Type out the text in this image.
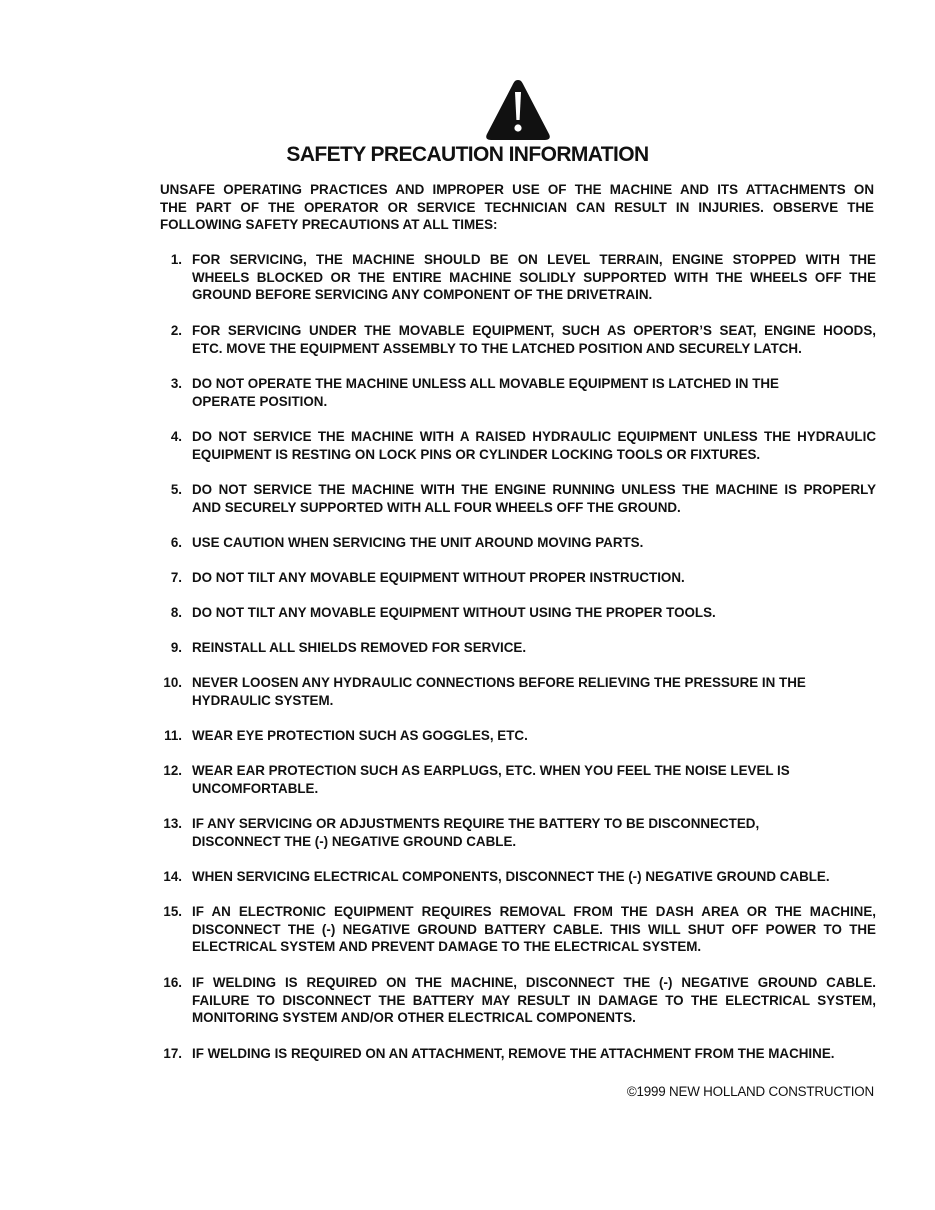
SAFETY PRECAUTION INFORMATION
UNSAFE OPERATING PRACTICES AND IMPROPER USE OF THE MACHINE AND ITS ATTACHMENTS ON
THE PART OF THE OPERATOR OR SERVICE TECHNICIAN CAN RESULT IN INJURIES. OBSERVE THE
FOLLOWING SAFETY PRECAUTIONS AT ALL TIMES:
1. FOR SERVICING, THE MACHINE SHOULD BE ON LEVEL TERRAIN, ENGINE STOPPED WITH THE
WHEELS BLOCKED OR THE ENTIRE MACHINE SOLIDLY SUPPORTED WITH THE WHEELS OFF THE
GROUND BEFORE SERVICING ANY COMPONENT OF THE DRIVETRAIN.
2. FOR SERVICING UNDER THE MOVABLE EQUIPMENT, SUCH AS OPERTOR’S SEAT, ENGINE HOODS,
ETC. MOVE THE EQUIPMENT ASSEMBLY TO THE LATCHED POSITION AND SECURELY LATCH.
3. DO NOT OPERATE THE MACHINE UNLESS ALL MOVABLE EQUIPMENT IS LATCHED IN THE
OPERATE POSITION.
4. DO NOT SERVICE THE MACHINE WITH A RAISED HYDRAULIC EQUIPMENT UNLESS THE HYDRAULIC
EQUIPMENT IS RESTING ON LOCK PINS OR CYLINDER LOCKING TOOLS OR FIXTURES.
5. DO NOT SERVICE THE MACHINE WITH THE ENGINE RUNNING UNLESS THE MACHINE IS PROPERLY
AND SECURELY SUPPORTED WITH ALL FOUR WHEELS OFF THE GROUND.
6. USE CAUTION WHEN SERVICING THE UNIT AROUND MOVING PARTS.
7. DO NOT TILT ANY MOVABLE EQUIPMENT WITHOUT PROPER INSTRUCTION.
8. DO NOT TILT ANY MOVABLE EQUIPMENT WITHOUT USING THE PROPER TOOLS.
9. REINSTALL ALL SHIELDS REMOVED FOR SERVICE.
10. NEVER LOOSEN ANY HYDRAULIC CONNECTIONS BEFORE RELIEVING THE PRESSURE IN THE
HYDRAULIC SYSTEM.
11. WEAR EYE PROTECTION SUCH AS GOGGLES, ETC.
12. WEAR EAR PROTECTION SUCH AS EARPLUGS, ETC. WHEN YOU FEEL THE NOISE LEVEL IS
UNCOMFORTABLE.
13. IF ANY SERVICING OR ADJUSTMENTS REQUIRE THE BATTERY TO BE DISCONNECTED,
DISCONNECT THE (-) NEGATIVE GROUND CABLE.
14. WHEN SERVICING ELECTRICAL COMPONENTS, DISCONNECT THE (-) NEGATIVE GROUND CABLE.
15. IF AN ELECTRONIC EQUIPMENT REQUIRES REMOVAL FROM THE DASH AREA OR THE MACHINE,
DISCONNECT THE (-) NEGATIVE GROUND BATTERY CABLE. THIS WILL SHUT OFF POWER TO THE
ELECTRICAL SYSTEM AND PREVENT DAMAGE TO THE ELECTRICAL SYSTEM.
16. IF WELDING IS REQUIRED ON THE MACHINE, DISCONNECT THE (-) NEGATIVE GROUND CABLE.
FAILURE TO DISCONNECT THE BATTERY MAY RESULT IN DAMAGE TO THE ELECTRICAL SYSTEM,
MONITORING SYSTEM AND/OR OTHER ELECTRICAL COMPONENTS.
17. IF WELDING IS REQUIRED ON AN ATTACHMENT, REMOVE THE ATTACHMENT FROM THE MACHINE.

©1999 NEW HOLLAND CONSTRUCTION
